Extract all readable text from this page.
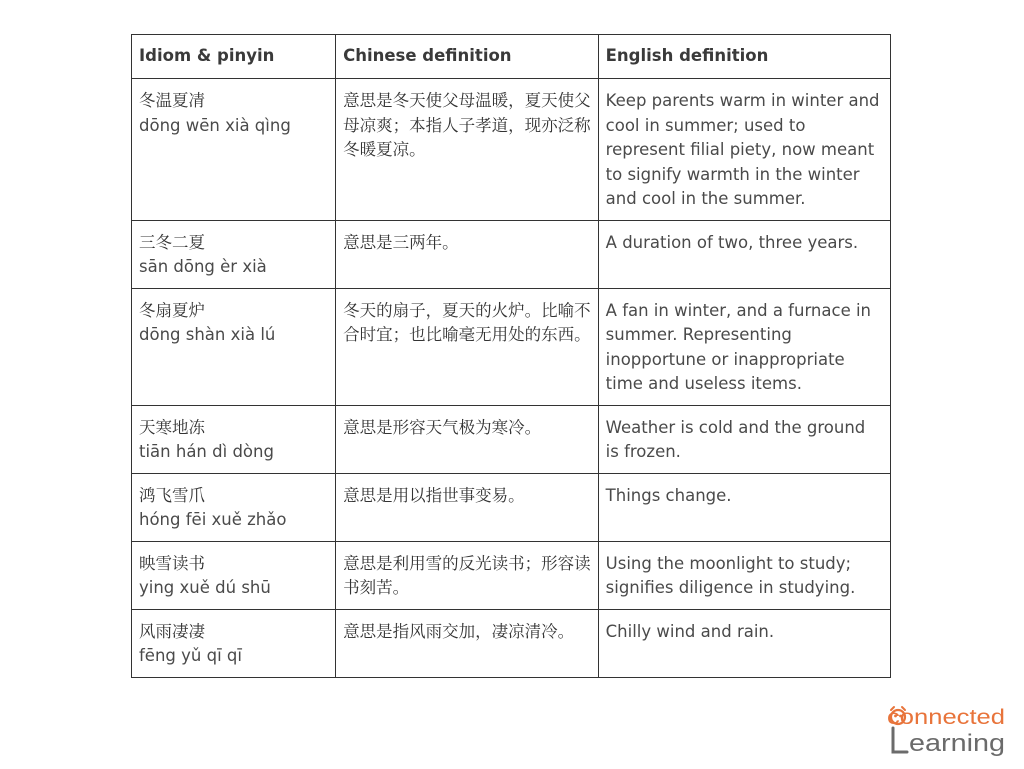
Idiom & pinyin	Chinese definition	English definition

冬温夏凊
dōng wēn xià qìng	意思是冬天使父母温暖，夏天使父母凉爽；本指人子孝道，现亦泛称冬暖夏凉。	Keep parents warm in winter and cool in summer; used to represent filial piety, now meant to signify warmth in the winter and cool in the summer.

三冬二夏
sān dōng èr xià	意思是三两年。	A duration of two, three years.

冬扇夏炉
dōng shàn xià lú	冬天的扇子，夏天的火炉。比喻不合时宜；也比喻毫无用处的东西。	A fan in winter, and a furnace in summer. Representing inopportune or inappropriate time and useless items.

天寒地冻
tiān hán dì dòng	意思是形容天气极为寒冷。	Weather is cold and the ground is frozen.

鸿飞雪爪
hóng fēi xuě zhǎo	意思是用以指世事变易。	Things change.

映雪读书
ying xuě dú shū	意思是利用雪的反光读书；形容读书刻苦。	Using the moonlight to study; signifies diligence in studying.

风雨凄凄
fēng yǔ qī qī	意思是指风雨交加，凄凉清冷。	Chilly wind and rain.
connected
earning
